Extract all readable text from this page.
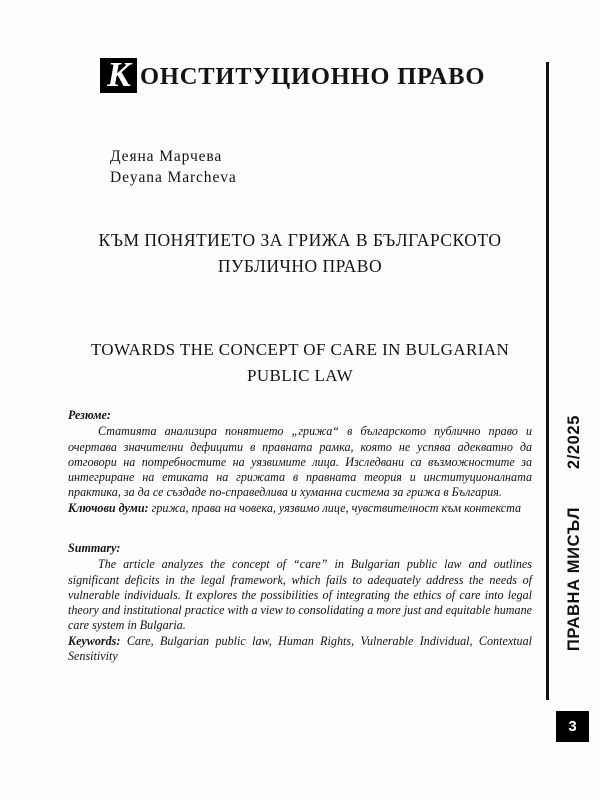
К ОНСТИТУЦИОННО ПРАВО
Деяна Марчева
Deyana Marcheva
КЪМ ПОНЯТИЕТО ЗА ГРИЖА В БЪЛГАРСКОТО ПУБЛИЧНО ПРАВО
TOWARDS THE CONCEPT OF CARE IN BULGARIAN PUBLIC LAW
Резюме:
Статията анализира понятието „грижа“ в българското публично право и очертава значителни дефицити в правната рамка, която не успява адекватно да отговори на потребностите на уязвимите лица. Изследвани са възможностите за интегриране на етиката на грижата в правната теория и институционалната практика, за да се създаде по-справедлива и хуманна система за грижа в България.
Ключови думи: грижа, права на човека, уязвимо лице, чувствителност към контекста
Summary:
The article analyzes the concept of “care” in Bulgarian public law and outlines significant deficits in the legal framework, which fails to adequately address the needs of vulnerable individuals. It explores the possibilities of integrating the ethics of care into legal theory and institutional practice with a view to consolidating a more just and equitable humane care system in Bulgaria.
Keywords: Care, Bulgarian public law, Human Rights, Vulnerable Individual, Contextual Sensitivity
2/2025
ПРАВНА МИСЪЛ
3
